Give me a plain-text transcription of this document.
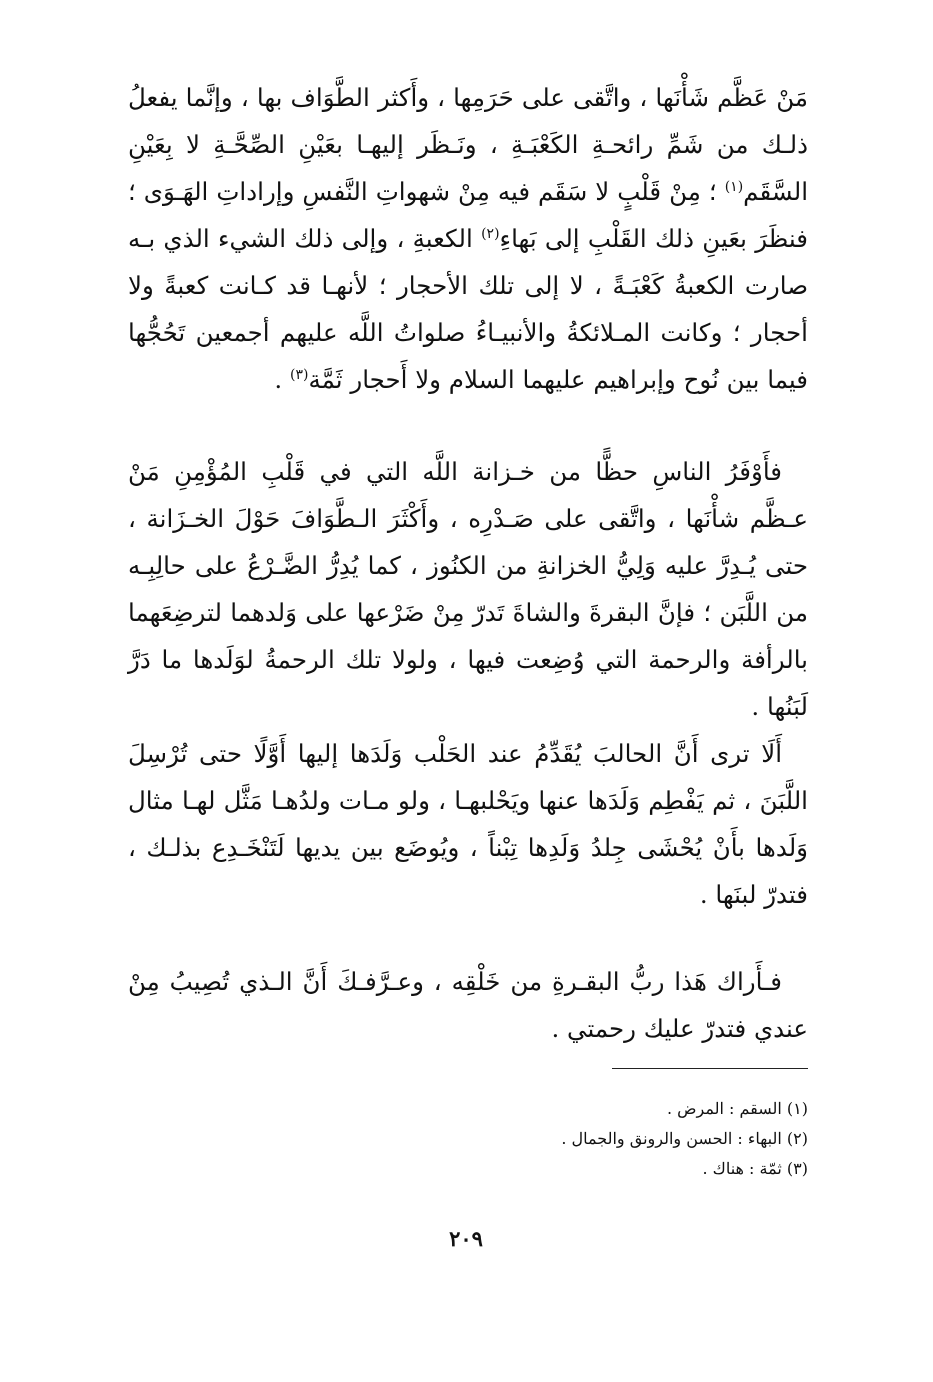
مَنْ عَظَّم شَأْنَها ، واتَّقى على حَرَمِها ، وأَكثر الطَّوَاف بها ، وإنَّما يفعلُ ذلـك من شَمِّ رائحـةِ الكَعْبَـةِ ، ونَـظَر إليهـا بعَيْنِ الصِّحَّـةِ لا بِعَيْنِ السَّقَم$^{(١)}$ ؛ مِنْ قَلْبٍ لا سَقَم فيه مِنْ شهواتِ النَّفسِ وإراداتِ الهَـوَى ؛ فنظَرَ بعَينِ ذلك القَلْبِ إلى بَهاءِ$^{(٢)}$ الكعبةِ ، وإلى ذلك الشيء الذي بـه صارت الكعبةُ كَعْبَـةً ، لا إلى تلك الأحجار ؛ لأنهـا قد كـانت كعبةً ولا أحجار ؛ وكانت المـلائكةُ والأنبيـاءُ صلواتُ اللَّه عليهم أجمعين تَحُجُّها فيما بين نُوح وإبراهيم عليهما السلام ولا أَحجار ثَمَّة$^{(٣)}$ .

فأَوْفَرُ الناسِ حظًّا من خـزانة اللَّه التي في قَلْبِ المُؤْمِنِ مَنْ عـظَّم شأْنَها ، واتَّقى على صَـدْرِه ، وأَكْثَرَ الـطَّوَافَ حَوْلَ الخـزَانة ، حتى يُـدِرَّ عليه وَلِيُّ الخزانةِ من الكنُوز ، كما يُدِرُّ الضَّـرْعُ على حالِبِـه من اللَّبَن ؛ فإنَّ البقرةَ والشاةَ تَدرّ مِنْ ضَرْعها على وَلدهما لترضِعَهما بالرأفة والرحمة التي وُضِعت فيها ، ولولا تلك الرحمةُ لوَلَدها ما دَرَّ لَبَنُها .

أَلَا ترى أَنَّ الحالبَ يُقَدِّمُ عند الحَلْب وَلَدَها إليها أَوَّلًا حتى تُرْسِلَ اللَّبَنَ ، ثم يَفْطِم وَلَدَها عنها ويَحْلبهـا ، ولو مـات ولدُهـا مَثَّل لهـا مثال وَلَدها بأَنْ يُحْشَى جِلدُ وَلَدِها تِبْناً ، ويُوضَع بين يديها لَتَنْخَـدِع بذلـك ، فتدرّ لبنَها .

فـأَراك هَذا ربُّ البقـرةِ من خَلْقِه ، وعـرَّفـكَ أَنَّ الـذي تُصِيبُ مِنْ عندي فتدرّ عليك رحمتي .

(١) السقم : المرض .

(٢) البهاء : الحسن والرونق والجمال .

(٣) ثمّة : هناك .

٢٠٩
